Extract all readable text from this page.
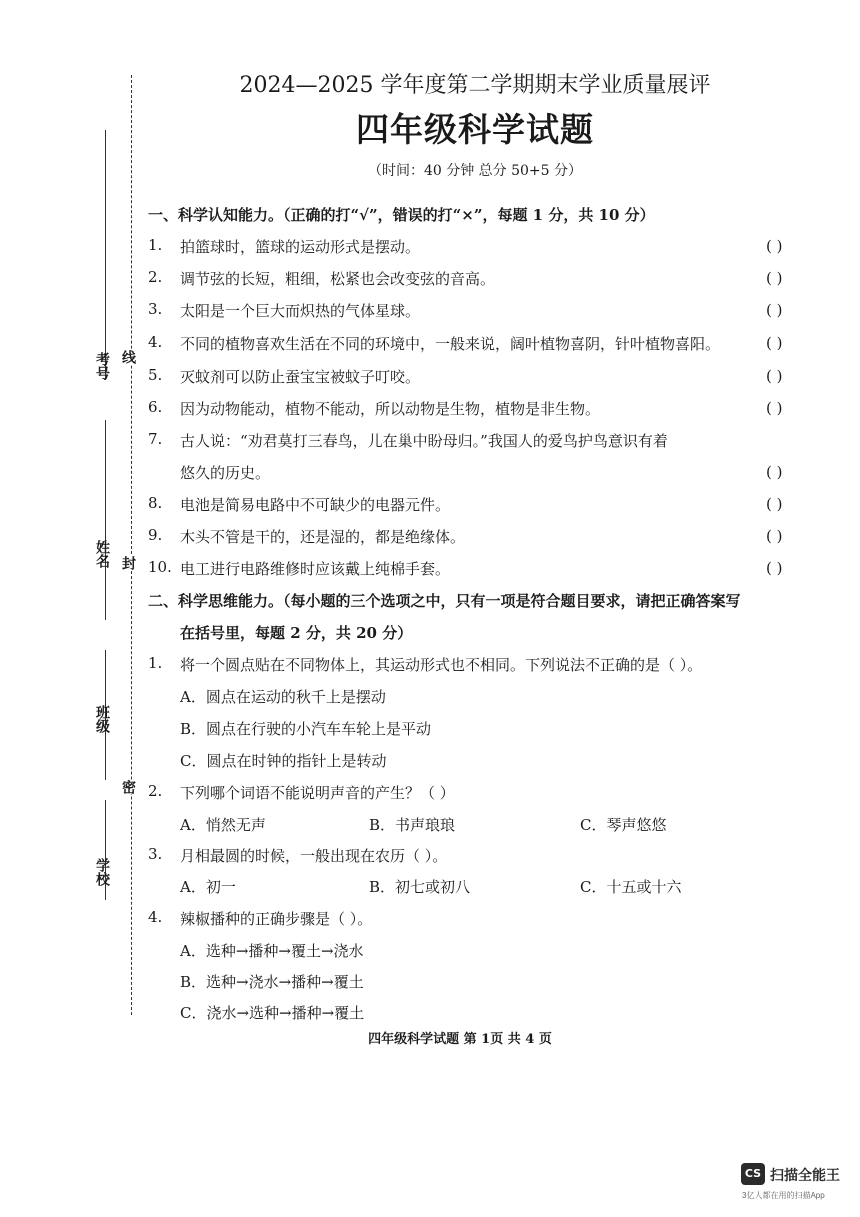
考号
姓名
班级
学校
线
封
密
2024—2025 学年度第二学期期末学业质量展评
四年级科学试题
（时间：40 分钟 总分 50+5 分）
一、科学认知能力。（正确的打“√”，错误的打“×”，每题 1 分，共 10 分）
1. 拍篮球时，篮球的运动形式是摆动。	( )
2. 调节弦的长短，粗细，松紧也会改变弦的音高。	( )
3. 太阳是一个巨大而炽热的气体星球。	( )
4. 不同的植物喜欢生活在不同的环境中，一般来说，阔叶植物喜阴，针叶植物喜阳。	( )
5. 灭蚊剂可以防止蚕宝宝被蚊子叮咬。	( )
6. 因为动物能动，植物不能动，所以动物是生物，植物是非生物。	( )
7. 古人说：“劝君莫打三春鸟，儿在巢中盼母归。”我国人的爱鸟护鸟意识有着
悠久的历史。	( )
8. 电池是简易电路中不可缺少的电器元件。	( )
9. 木头不管是干的，还是湿的，都是绝缘体。	( )
10. 电工进行电路维修时应该戴上纯棉手套。	( )
二、科学思维能力。（每小题的三个选项之中，只有一项是符合题目要求，请把正确答案写
在括号里，每题 2 分，共 20 分）
1. 将一个圆点贴在不同物体上，其运动形式也不相同。下列说法不正确的是（ ）。
A．圆点在运动的秋千上是摆动
B．圆点在行驶的小汽车车轮上是平动
C．圆点在时钟的指针上是转动
2. 下列哪个词语不能说明声音的产生？（ ）
A．悄然无声	B．书声琅琅	C．琴声悠悠
3. 月相最圆的时候，一般出现在农历（ ）。
A．初一	B．初七或初八	C．十五或十六
4. 辣椒播种的正确步骤是（ ）。
A．选种→播种→覆土→浇水
B．选种→浇水→播种→覆土
C．浇水→选种→播种→覆土
四年级科学试题 第 1页 共 4 页
CS 扫描全能王
3亿人都在用的扫描App
